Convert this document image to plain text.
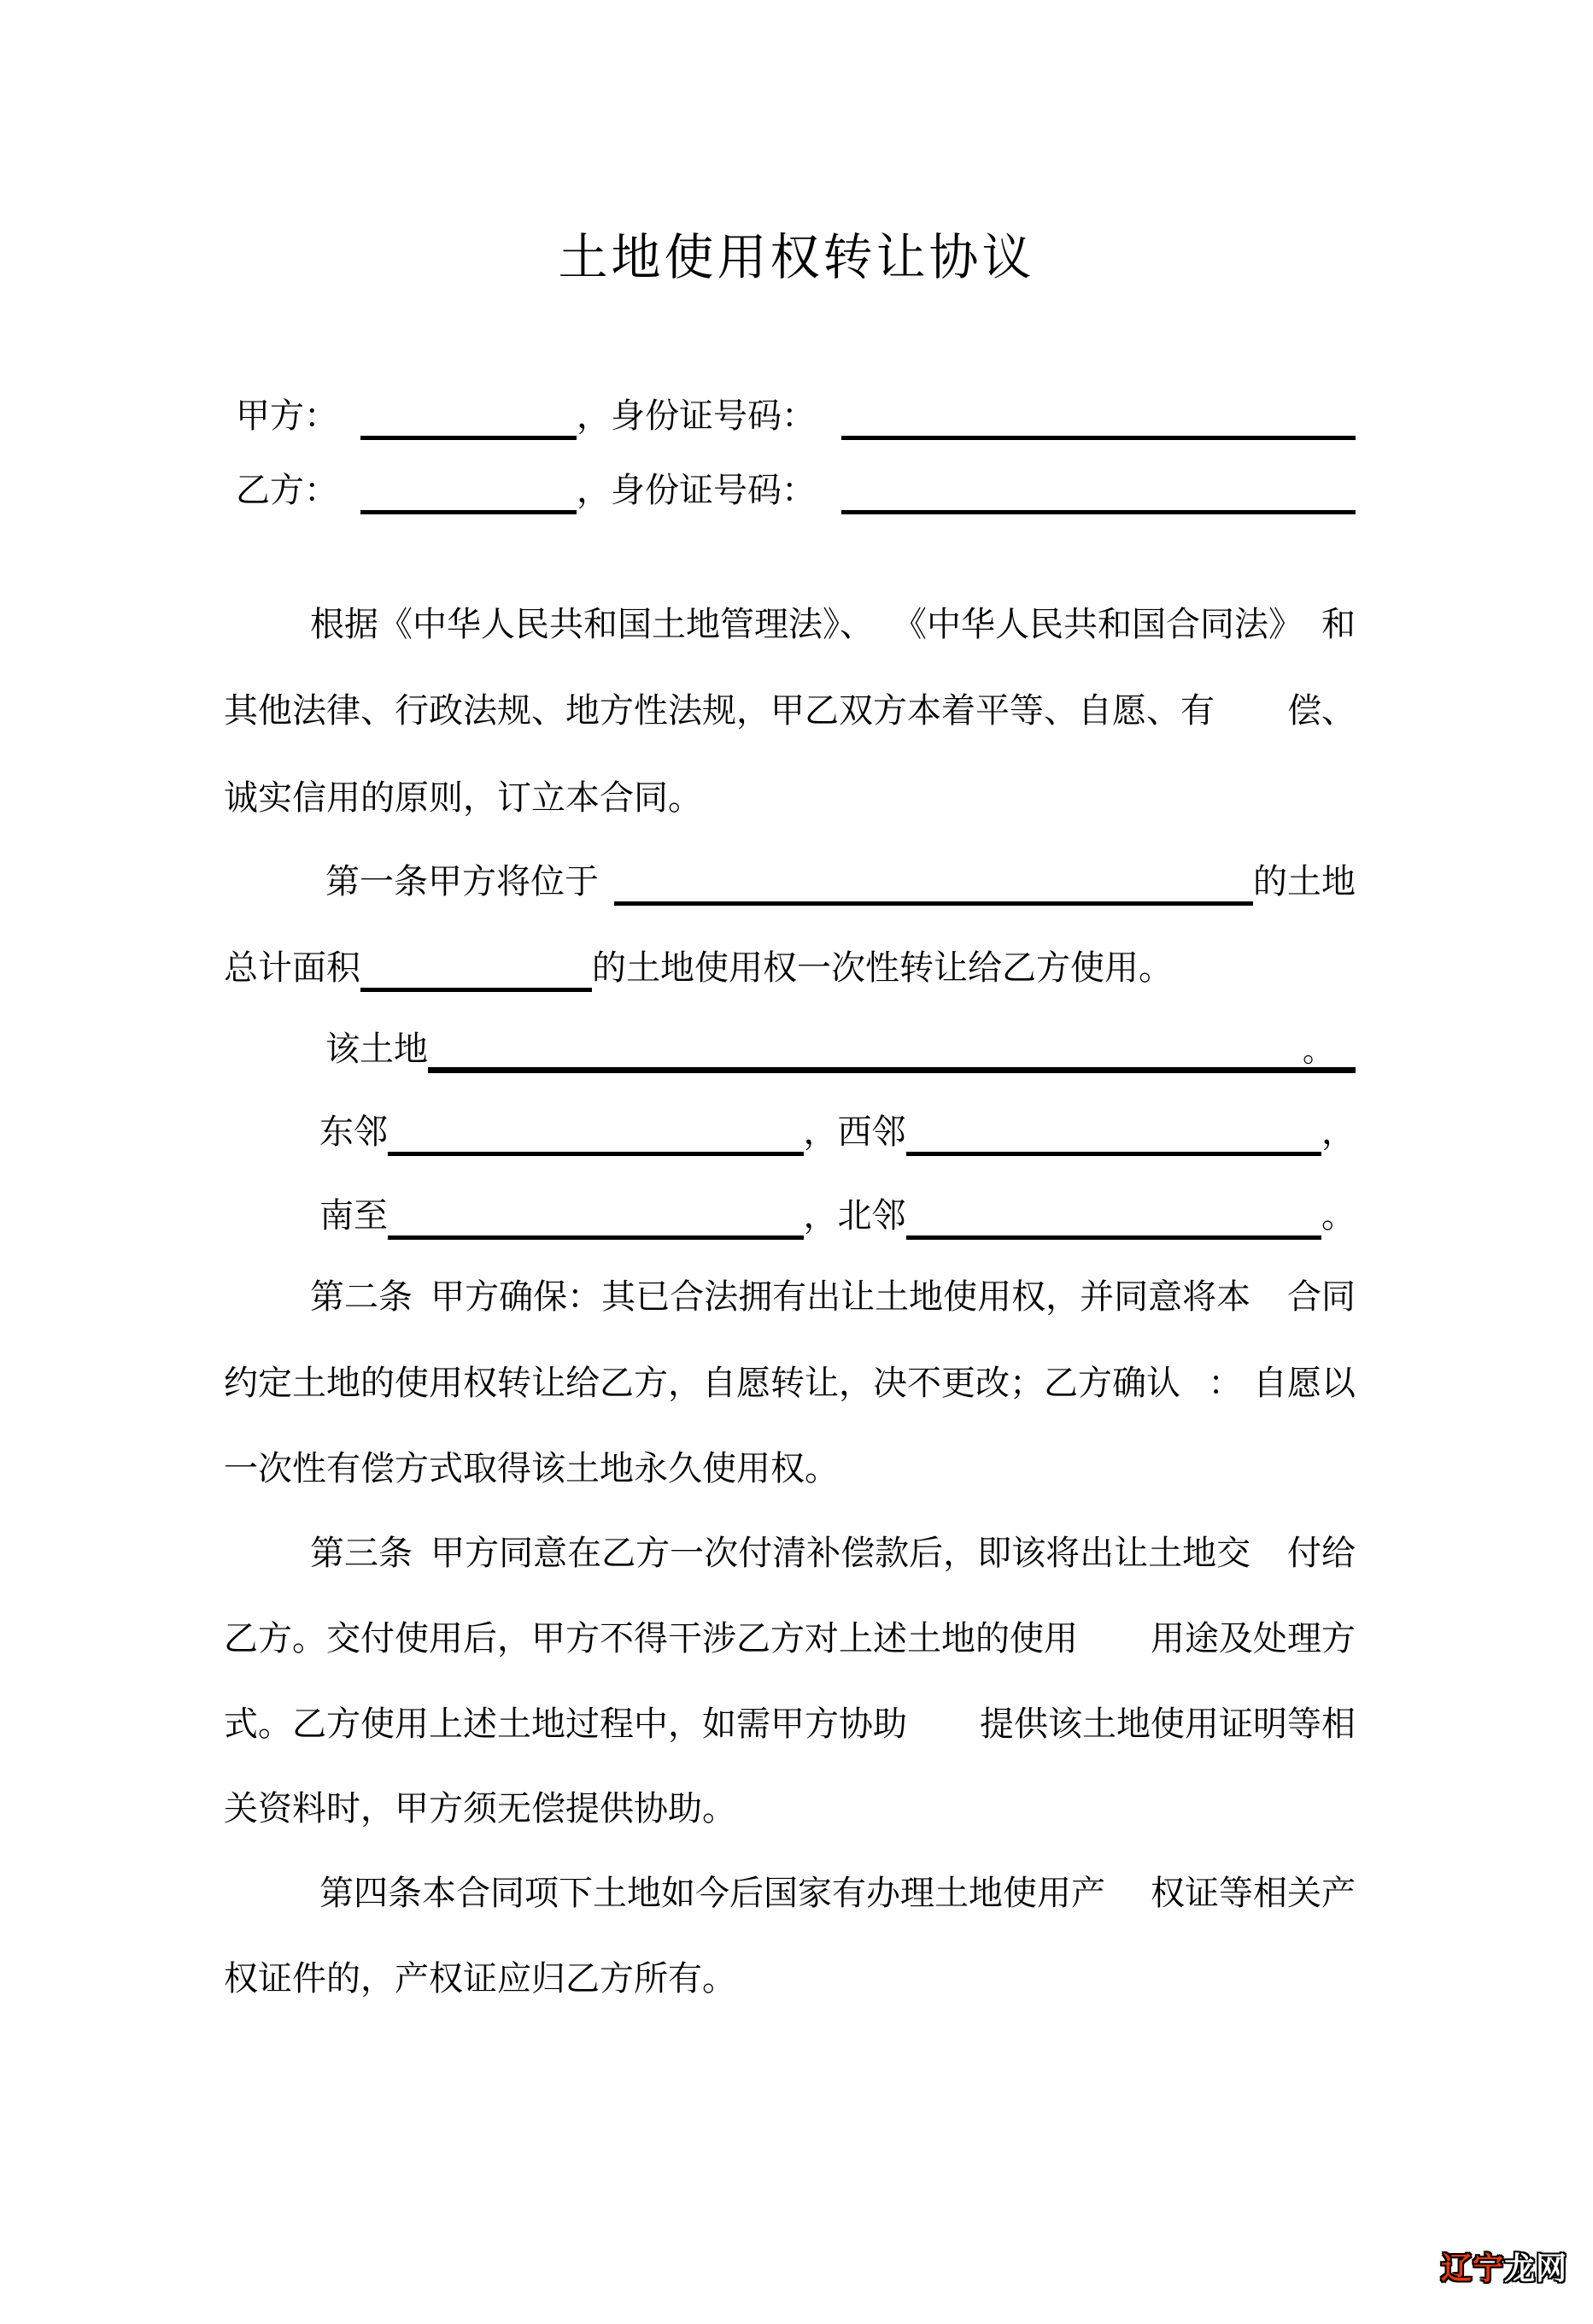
土地使用权转让协议
甲方：	，身份证号码：
乙方：	，身份证号码：
根据《中华人民共和国土地管理法》、 《中华人民共和国合同法》 和
其他法律、行政法规、地方性法规，甲乙双方本着平等、自愿、有 偿、
诚实信用的原则，订立本合同。
第一条甲方将位于	的土地
总计面积	的土地使用权一次性转让给乙方使用。
该土地	。
东邻	，西邻	，
南至	，北邻	。
第二条 甲方确保：其已合法拥有出让土地使用权，并同意将本 合同
约定土地的使用权转让给乙方，自愿转让，决不更改；乙方确认 ： 自愿以
一次性有偿方式取得该土地永久使用权。
第三条 甲方同意在乙方一次付清补偿款后，即该将出让土地交 付给
乙方。交付使用后，甲方不得干涉乙方对上述土地的使用 用途及处理方
式。乙方使用上述土地过程中，如需甲方协助 提供该土地使用证明等相
关资料时，甲方须无偿提供协助。
第四条本合同项下土地如今后国家有办理土地使用产 权证等相关产
权证件的，产权证应归乙方所有。

辽宁龙网
